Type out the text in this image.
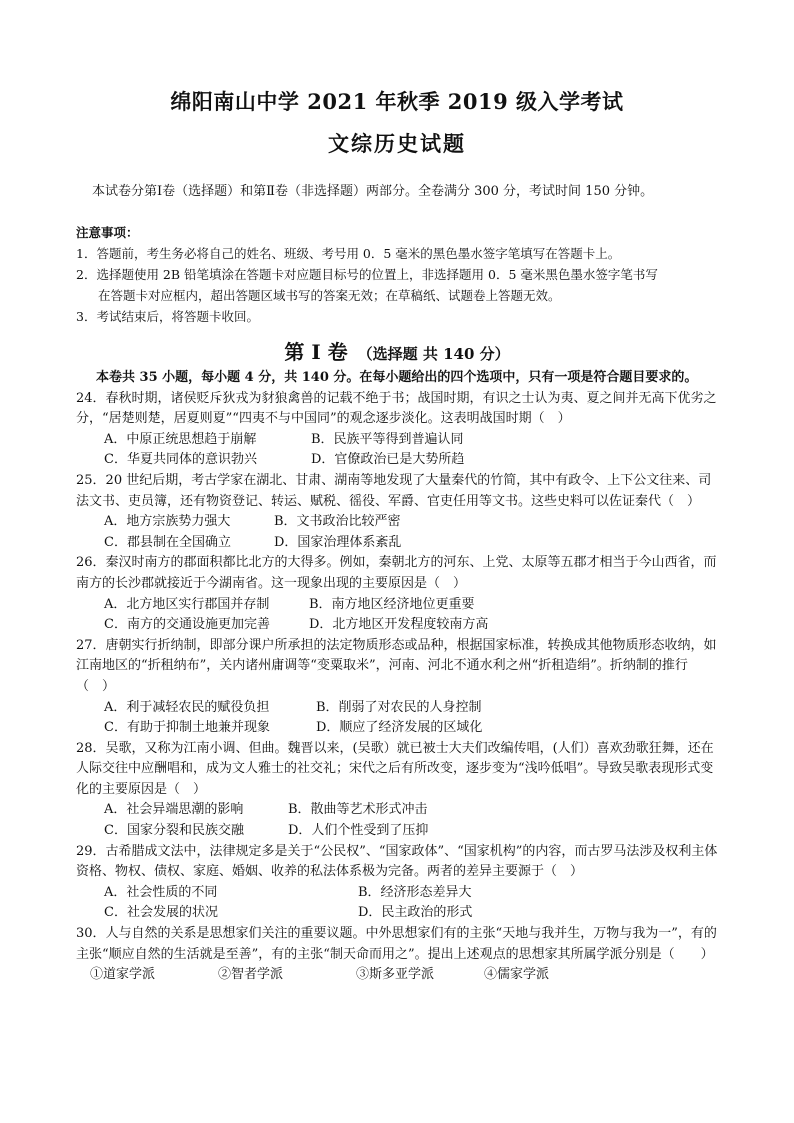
绵阳南山中学 2021 年秋季 2019 级入学考试
文综历史试题
本试卷分第Ⅰ卷（选择题）和第Ⅱ卷（非选择题）两部分。全卷满分 300 分，考试时间 150 分钟。
注意事项：
1．答题前，考生务必将自己的姓名、班级、考号用 0．5 毫米的黑色墨水签字笔填写在答题卡上。
2．选择题使用 2B 铅笔填涂在答题卡对应题目标号的位置上，非选择题用 0．5 毫米黑色墨水签字笔书写
在答题卡对应框内，超出答题区域书写的答案无效；在草稿纸、试题卷上答题无效。
3．考试结束后，将答题卡收回。
第 Ⅰ 卷 （选择题 共 140 分）

本卷共 35 小题，每小题 4 分，共 140 分。在每小题给出的四个选项中，只有一项是符合题目要求的。

24．春秋时期，诸侯贬斥狄戎为豺狼禽兽的记载不绝于书；战国时期，有识之士认为夷、夏之间并无高下优劣之分，“居楚则楚，居夏则夏”“四夷不与中国同”的观念逐步淡化。这表明战国时期（　）

A．中原正统思想趋于崩解	B．民族平等得到普遍认同
C．华夏共同体的意识勃兴	D．官僚政治已是大势所趋

25．20 世纪后期，考古学家在湖北、甘肃、湖南等地发现了大量秦代的竹简，其中有政令、上下公文往来、司法文书、吏员簿，还有物资登记、转运、赋税、徭役、军爵、官吏任用等文书。这些史料可以佐证秦代（　）

A．地方宗族势力强大	B．文书政治比较严密
C．郡县制在全国确立	D．国家治理体系紊乱

26．秦汉时南方的郡面积都比北方的大得多。例如，秦朝北方的河东、上党、太原等五郡才相当于今山西省，而南方的长沙郡就接近于今湖南省。这一现象出现的主要原因是（　）

A．北方地区实行郡国并存制	B．南方地区经济地位更重要
C．南方的交通设施更加完善	D．北方地区开发程度较南方高

27．唐朝实行折纳制，即部分课户所承担的法定物质形态或品种，根据国家标准，转换成其他物质形态收纳，如江南地区的“折租纳布”，关内诸州庸调等“变粟取米”，河南、河北不通水利之州“折租造绢”。折纳制的推行（　）

A．利于减轻农民的赋役负担	B．削弱了对农民的人身控制
C．有助于抑制土地兼并现象	D．顺应了经济发展的区域化

28．吴歌，又称为江南小调、但曲。魏晋以来，(吴歌）就已被士大夫们改编传唱，(人们）喜欢劲歌狂舞，还在人际交往中应酬唱和，成为文人雅士的社交礼；宋代之后有所改变，逐步变为“浅吟低唱”。导致吴歌表现形式变化的主要原因是（　）

A．社会异端思潮的影响	B．散曲等艺术形式冲击
C．国家分裂和民族交融	D．人们个性受到了压抑

29．古希腊成文法中，法律规定多是关于“公民权”、“国家政体”、“国家机构”的内容，而古罗马法涉及权利主体资格、物权、债权、家庭、婚姻、收养的私法体系极为完备。两者的差异主要源于（　）

A．社会性质的不同	B．经济形态差异大
C．社会发展的状况	D．民主政治的形式

30．人与自然的关系是思想家们关注的重要议题。中外思想家们有的主张“天地与我并生，万物与我为一”，有的主张“顺应自然的生活就是至善”，有的主张“制天命而用之”。提出上述观点的思想家其所属学派分别是（　　）

①道家学派	②智者学派	③斯多亚学派	④儒家学派
